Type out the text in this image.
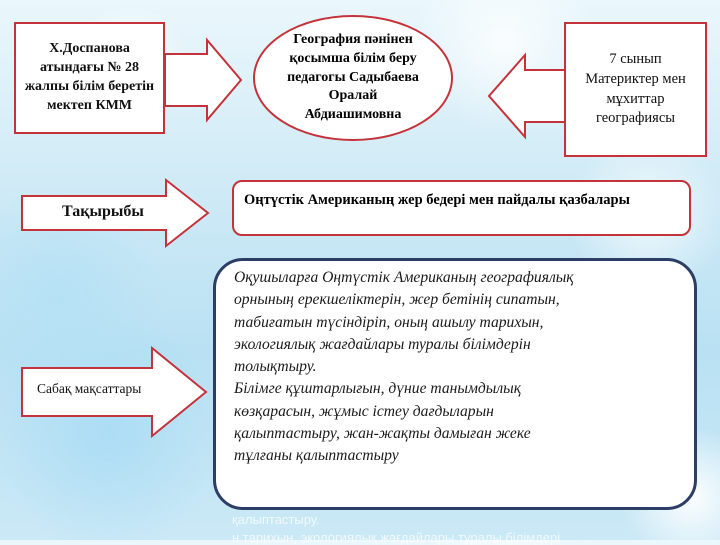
Х.Доспанова атындағы № 28 жалпы білім беретін мектеп КММ
География пәнінен қосымша білім беру педагогы Садыбаева Оралай Абдиашимовна
7 сынып Материктер мен мұхиттар географиясы
Тақырыбы
Оңтүстік Американың жер бедері мен пайдалы қазбалары
Сабақ мақсаттары
Оқушыларға Оңтүстік Американың географиялық
орнының ерекшеліктерін, жер бетінің сипатын,
табиғатын түсіндіріп, оның ашылу тарихын,
экологиялық жағдайлары туралы білімдерін
толықтыру.
Білімге құштарлығын, дүние танымдылық
көзқарасын, жұмыс істеу дағдыларын
қалыптастыру, жан-жақты дамыған жеке
тұлғаны қалыптастыру
қалыптастыру.
н тарихын, экологиялық жағдайлары туралы білімдері
